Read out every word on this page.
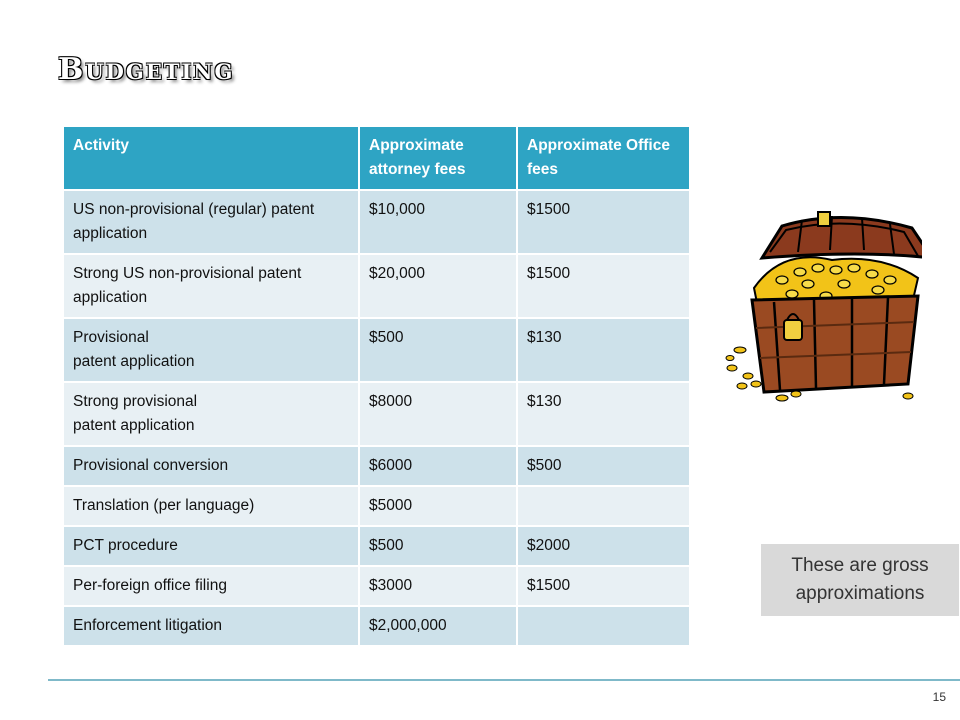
Budgeting
Activity	Approximate attorney fees	Approximate Office fees
US non-provisional (regular) patent application	$10,000	$1500
Strong US non-provisional patent application	$20,000	$1500
Provisional
patent application	$500	$130
Strong provisional
patent application	$8000	$130
Provisional conversion	$6000	$500
Translation (per language)	$5000	
PCT procedure	$500	$2000
Per-foreign office filing	$3000	$1500
Enforcement litigation	$2,000,000	
These are gross approximations
15
